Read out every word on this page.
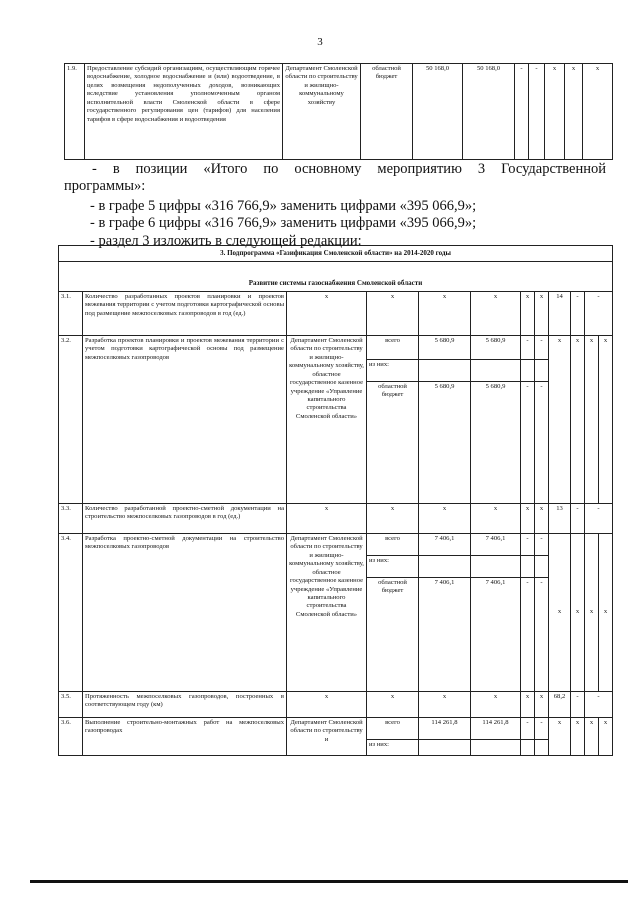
3
1.9.	Предоставление субсидий организациям, осуществляющим горячее водоснабжение, холодное водоснабжение и (или) водоотведение, в целях возмещения недополученных доходов, возникающих вследствие установления уполномоченным органом исполнительной власти Смоленской области в сфере государственного регулирования цен (тарифов) для населения тарифов в сфере водоснабжения и водоотведения	Департамент Смоленской области по строительству и жилищно-коммунальному хозяйству	областной бюджет	50 168,0	50 168,0	-	-	х	х	х
- в позиции «Итого по основному мероприятию 3 Государственной
программы»:
- в графе 5 цифры «316 766,9» заменить цифрами «395 066,9»;
- в графе 6 цифры «316 766,9» заменить цифрами «395 066,9»;
- раздел 3 изложить в следующей редакции:
3. Подпрограмма «Газификация Смоленской области» на 2014-2020 годы											
Развитие системы газоснабжения Смоленской области											
3.1.	Количество разработанных проектов планировки и проектов межевания территории с учетом подготовки картографической основы под размещение межпоселковых газопроводов в год (ед.)	х	х	х	х	х	х	14	-	-	
3.2.	Разработка проектов планировки и проектов межевания территории с учетом подготовки картографической основы под размещение межпоселковых газопроводов	Департамент Смоленской области по строительству и жилищно-коммунальному хозяйству, областное государственное казенное учреждение «Управление капитального строительства Смоленской области»	всего	5 680,9	5 680,9	-	-	х	х	х	х
			из них:								
			областной бюджет	5 680,9	5 680,9	-	-				
3.3.	Количество разработанной проектно-сметной документации на строительство межпоселковых газопроводов в год (ед.)	х	х	х	х	х	х	13	-	-	
3.4.	Разработка проектно-сметной документации на строительство межпоселковых газопроводов	Департамент Смоленской области по строительству и жилищно-коммунальному хозяйству, областное государственное казенное учреждение «Управление капитального строительства Смоленской области»	всего	7 406,1	7 406,1	-	-	х	х	х	х
			из них:								
			областной бюджет	7 406,1	7 406,1	-	-				
3.5.	Протяженность межпоселковых газопроводов, построенных в соответствующем году (км)	х	х	х	х	х	х	68,2	-	-	
3.6.	Выполнение строительно-монтажных работ на межпоселковых газопроводах	Департамент Смоленской области по строительству и	всего	114 261,8	114 261,8	-	-	х	х	х	х
			из них:								
